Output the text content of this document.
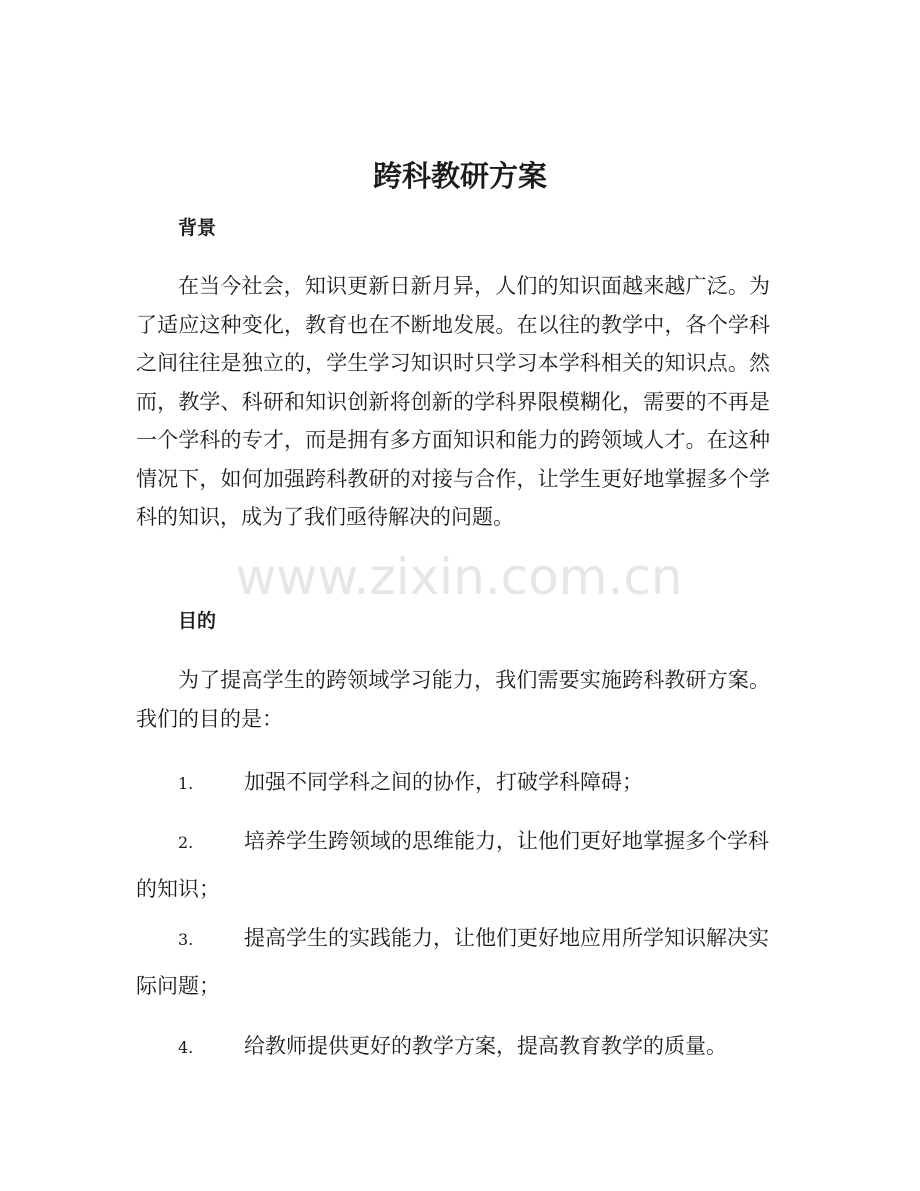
跨科教研方案
背景

在当今社会，知识更新日新月异，人们的知识面越来越广泛。为了适应这种变化，教育也在不断地发展。在以往的教学中，各个学科之间往往是独立的，学生学习知识时只学习本学科相关的知识点。然而，教学、科研和知识创新将创新的学科界限模糊化，需要的不再是一个学科的专才，而是拥有多方面知识和能力的跨领域人才。在这种情况下，如何加强跨科教研的对接与合作，让学生更好地掌握多个学科的知识，成为了我们亟待解决的问题。

目的

为了提高学生的跨领域学习能力，我们需要实施跨科教研方案。我们的目的是：

1. 加强不同学科之间的协作，打破学科障碍；

2. 培养学生跨领域的思维能力，让他们更好地掌握多个学科的知识；

3. 提高学生的实践能力，让他们更好地应用所学知识解决实际问题；

4. 给教师提供更好的教学方案，提高教育教学的质量。

www.zixin.com.cn
